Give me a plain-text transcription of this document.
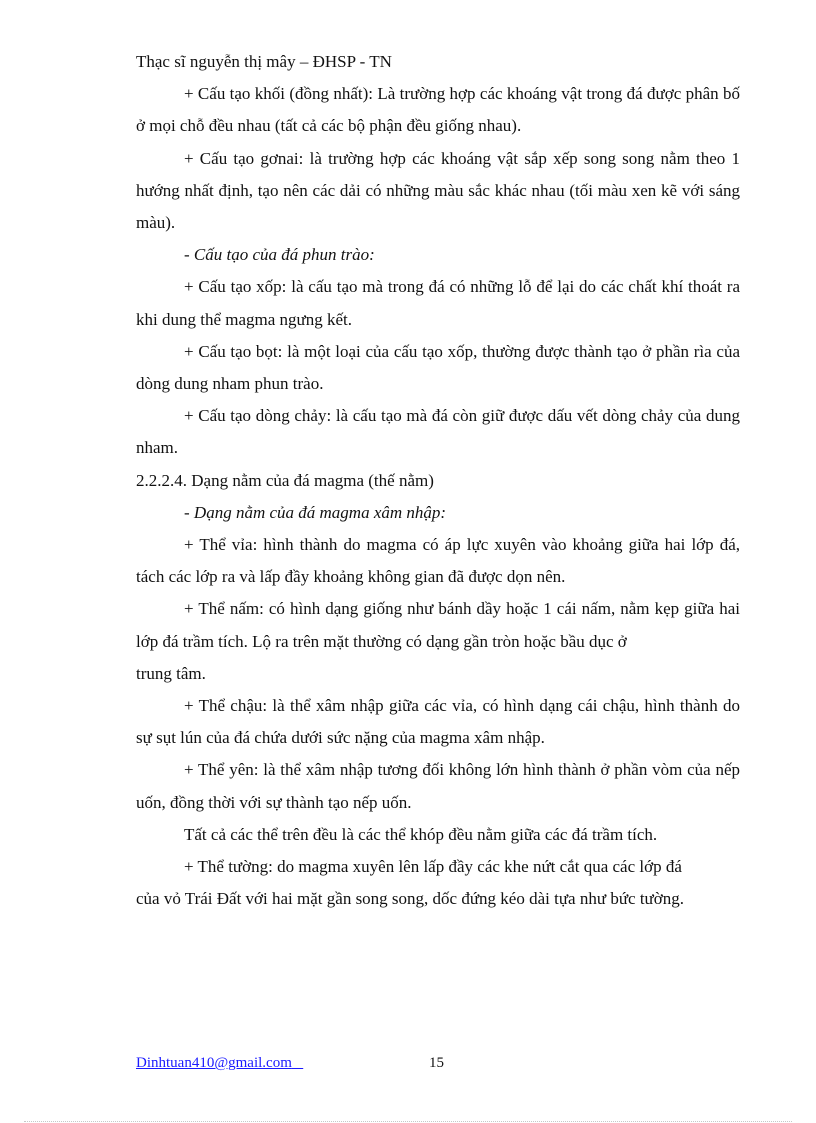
Thạc sĩ nguyễn thị mây – ĐHSP - TN

+ Cấu tạo khối (đồng nhất): Là trường hợp các khoáng vật trong đá được phân bố ở mọi chỗ đều nhau (tất cả các bộ phận đều giống nhau).

+ Cấu tạo gơnai: là trường hợp các khoáng vật sắp xếp song song nằm theo 1 hướng nhất định, tạo nên các dải có những màu sắc khác nhau (tối màu xen kẽ với sáng màu).

- Cấu tạo của đá phun trào:

+ Cấu tạo xốp: là cấu tạo mà trong đá có những lỗ để lại do các chất khí thoát ra khi dung thể magma ngưng kết.

+ Cấu tạo bọt: là một loại của cấu tạo xốp, thường được thành tạo ở phần rìa của dòng dung nham phun trào.

+ Cấu tạo dòng chảy: là cấu tạo mà đá còn giữ được dấu vết dòng chảy của dung nham.

2.2.2.4. Dạng nằm của đá magma (thế nằm)

- Dạng nằm của đá magma xâm nhập:

+ Thể vỉa: hình thành do magma có áp lực xuyên vào khoảng giữa hai lớp đá, tách các lớp ra và lấp đầy khoảng không gian đã được dọn nên.

+ Thể nấm: có hình dạng giống như bánh dầy hoặc 1 cái nấm, nằm kẹp giữa hai lớp đá trầm tích. Lộ ra trên mặt thường có dạng gần tròn hoặc bầu dục ở

trung tâm.

+ Thể chậu: là thể xâm nhập giữa các vỉa, có hình dạng cái chậu, hình thành do sự sụt lún của đá chứa dưới sức nặng của magma xâm nhập.

+ Thể yên: là thể xâm nhập tương đối không lớn hình thành ở phần vòm của nếp uốn, đồng thời với sự thành tạo nếp uốn.

Tất cả các thể trên đều là các thể khóp đều nằm giữa các đá trầm tích.

+ Thể tường: do magma xuyên lên lấp đầy các khe nứt cắt qua các lớp đá

của vỏ Trái Đất với hai mặt gần song song, dốc đứng kéo dài tựa như bức tường.

Dinhtuan410@gmail.com	15
